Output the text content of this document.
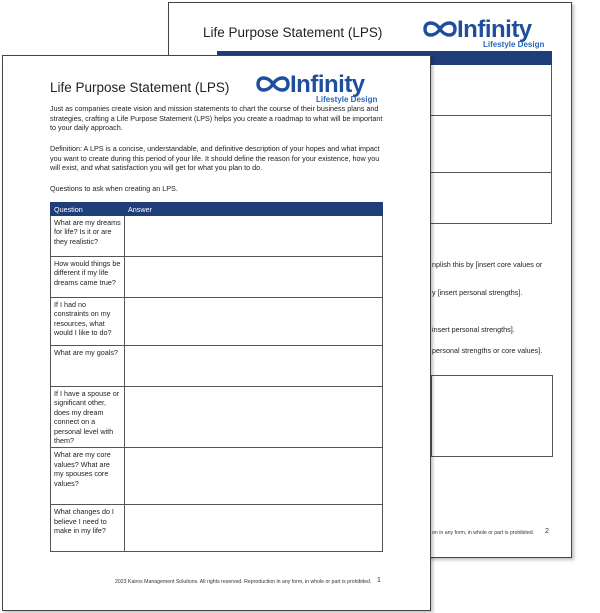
Life Purpose Statement (LPS)	Infinity
Lifestyle Design

nplish this by [insert core values or
y [insert personal strengths].
insert personal strengths].
personal strengths or core values].
on in any form, in whole or part is prohibited. 2
Life Purpose Statement (LPS)	Infinity
Lifestyle Design
Just as companies create vision and mission statements to chart the course of their business plans and strategies, crafting a Life Purpose Statement (LPS) helps you create a roadmap to what will be important to your daily approach.
Definition: A LPS is a concise, understandable, and definitive description of your hopes and what impact you want to create during this period of your life. It should define the reason for your existence, how you will exist, and what satisfaction you will get for what you plan to do.
Questions to ask when creating an LPS.
Question	Answer
What are my dreams for life? Is it or are they realistic?	
How would things be different if my life dreams came true?	
If I had no constraints on my resources, what would I like to do?	
What are my goals?	
If I have a spouse or significant other, does my dream connect on a personal level with them?	
What are my core values? What are my spouses core values?	
What changes do I believe I need to make in my life?	
2023 Kairos Management Solutions. All rights reserved. Reproduction in any form, in whole or part is prohibited. 1
